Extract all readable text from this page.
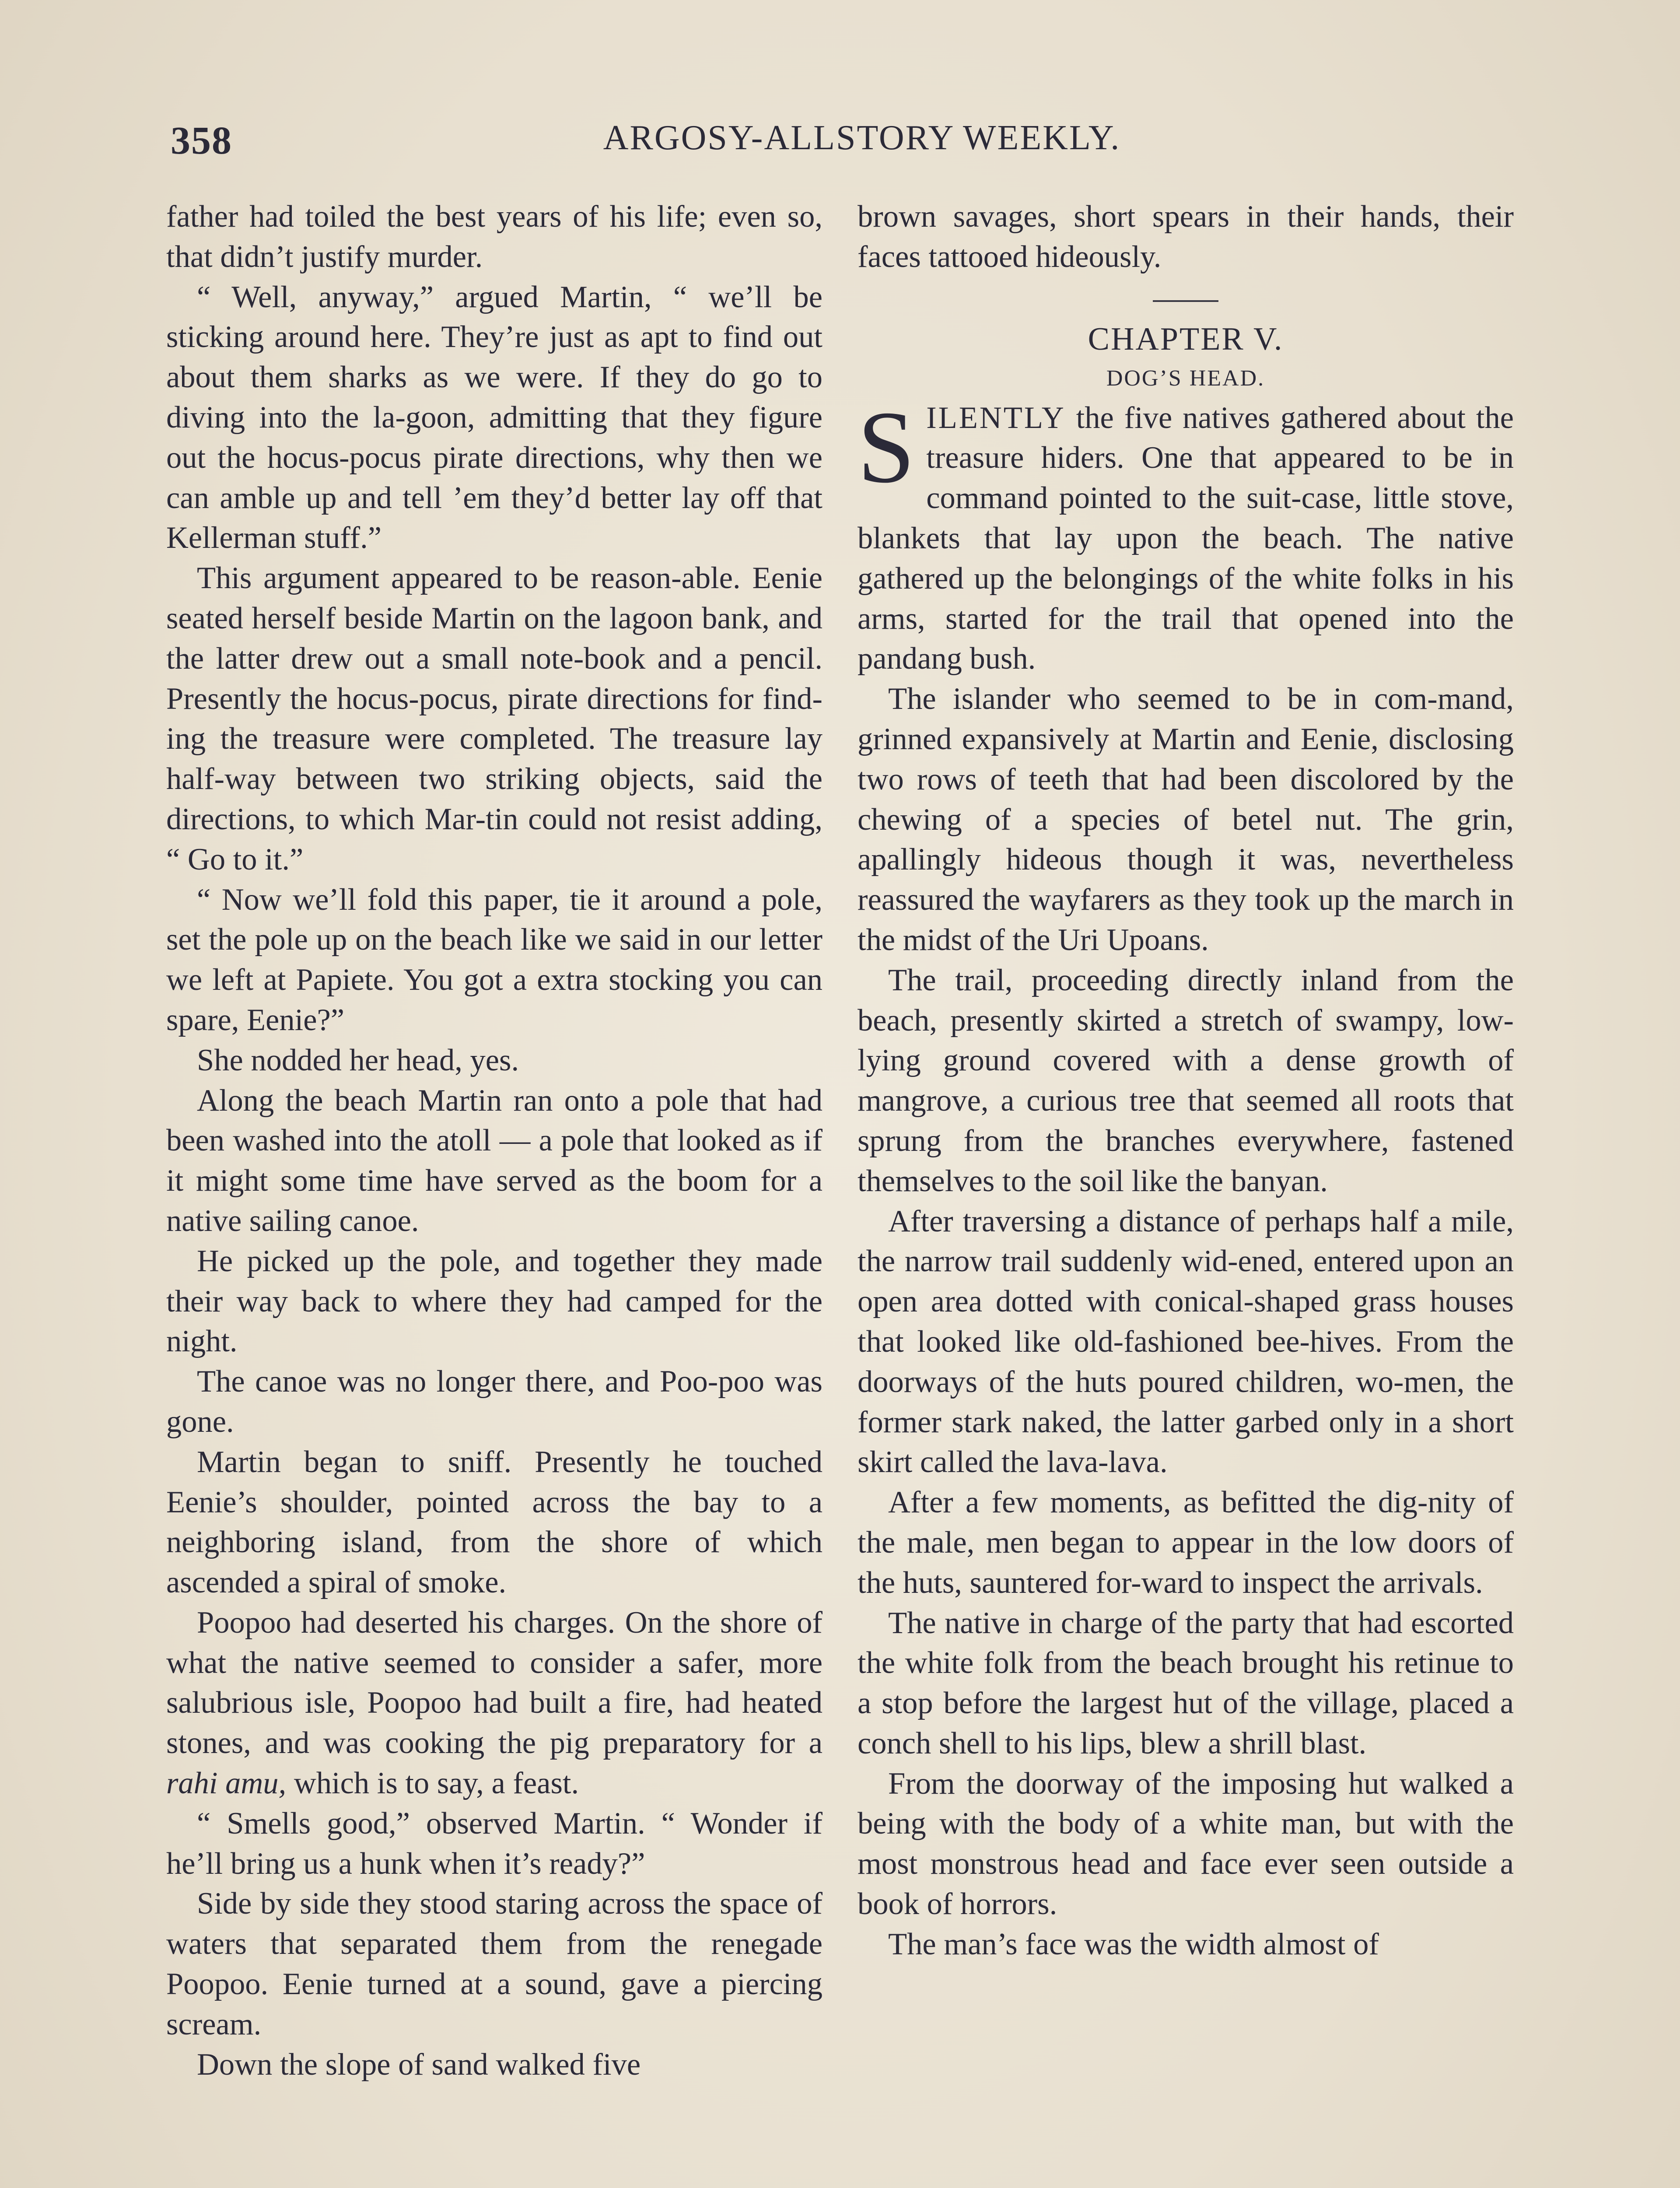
358	ARGOSY-ALLSTORY WEEKLY.

father had toiled the best years of his life; even so, that didn’t justify murder.

“ Well, anyway,” argued Martin, “ we’ll be sticking around here. They’re just as apt to find out about them sharks as we were. If they do go to diving into the la-goon, admitting that they figure out the hocus-pocus pirate directions, why then we can amble up and tell ’em they’d better lay off that Kellerman stuff.”

This argument appeared to be reason-able. Eenie seated herself beside Martin on the lagoon bank, and the latter drew out a small note-book and a pencil. Presently the hocus-pocus, pirate directions for find-ing the treasure were completed. The treasure lay half-way between two striking objects, said the directions, to which Mar-tin could not resist adding, “ Go to it.”

“ Now we’ll fold this paper, tie it around a pole, set the pole up on the beach like we said in our letter we left at Papiete. You got a extra stocking you can spare, Eenie?”

She nodded her head, yes.

Along the beach Martin ran onto a pole that had been washed into the atoll — a pole that looked as if it might some time have served as the boom for a native sailing canoe.

He picked up the pole, and together they made their way back to where they had camped for the night.

The canoe was no longer there, and Poo-poo was gone.

Martin began to sniff. Presently he touched Eenie’s shoulder, pointed across the bay to a neighboring island, from the shore of which ascended a spiral of smoke.

Poopoo had deserted his charges. On the shore of what the native seemed to consider a safer, more salubrious isle, Poopoo had built a fire, had heated stones, and was cooking the pig preparatory for a rahi amu, which is to say, a feast.

“ Smells good,” observed Martin. “ Wonder if he’ll bring us a hunk when it’s ready?”

Side by side they stood staring across the space of waters that separated them from the renegade Poopoo. Eenie turned at a sound, gave a piercing scream.

Down the slope of sand walked five

brown savages, short spears in their hands, their faces tattooed hideously.

CHAPTER V.

DOG’S HEAD.

SILENTLY the five natives gathered about the treasure hiders. One that appeared to be in command pointed to the suit-case, little stove, blankets that lay upon the beach. The native gathered up the belongings of the white folks in his arms, started for the trail that opened into the pandang bush.

The islander who seemed to be in com-mand, grinned expansively at Martin and Eenie, disclosing two rows of teeth that had been discolored by the chewing of a species of betel nut. The grin, apallingly hideous though it was, nevertheless reassured the wayfarers as they took up the march in the midst of the Uri Upoans.

The trail, proceeding directly inland from the beach, presently skirted a stretch of swampy, low-lying ground covered with a dense growth of mangrove, a curious tree that seemed all roots that sprung from the branches everywhere, fastened themselves to the soil like the banyan.

After traversing a distance of perhaps half a mile, the narrow trail suddenly wid-ened, entered upon an open area dotted with conical-shaped grass houses that looked like old-fashioned bee-hives. From the doorways of the huts poured children, wo-men, the former stark naked, the latter garbed only in a short skirt called the lava-lava.

After a few moments, as befitted the dig-nity of the male, men began to appear in the low doors of the huts, sauntered for-ward to inspect the arrivals.

The native in charge of the party that had escorted the white folk from the beach brought his retinue to a stop before the largest hut of the village, placed a conch shell to his lips, blew a shrill blast.

From the doorway of the imposing hut walked a being with the body of a white man, but with the most monstrous head and face ever seen outside a book of horrors.

The man’s face was the width almost of
